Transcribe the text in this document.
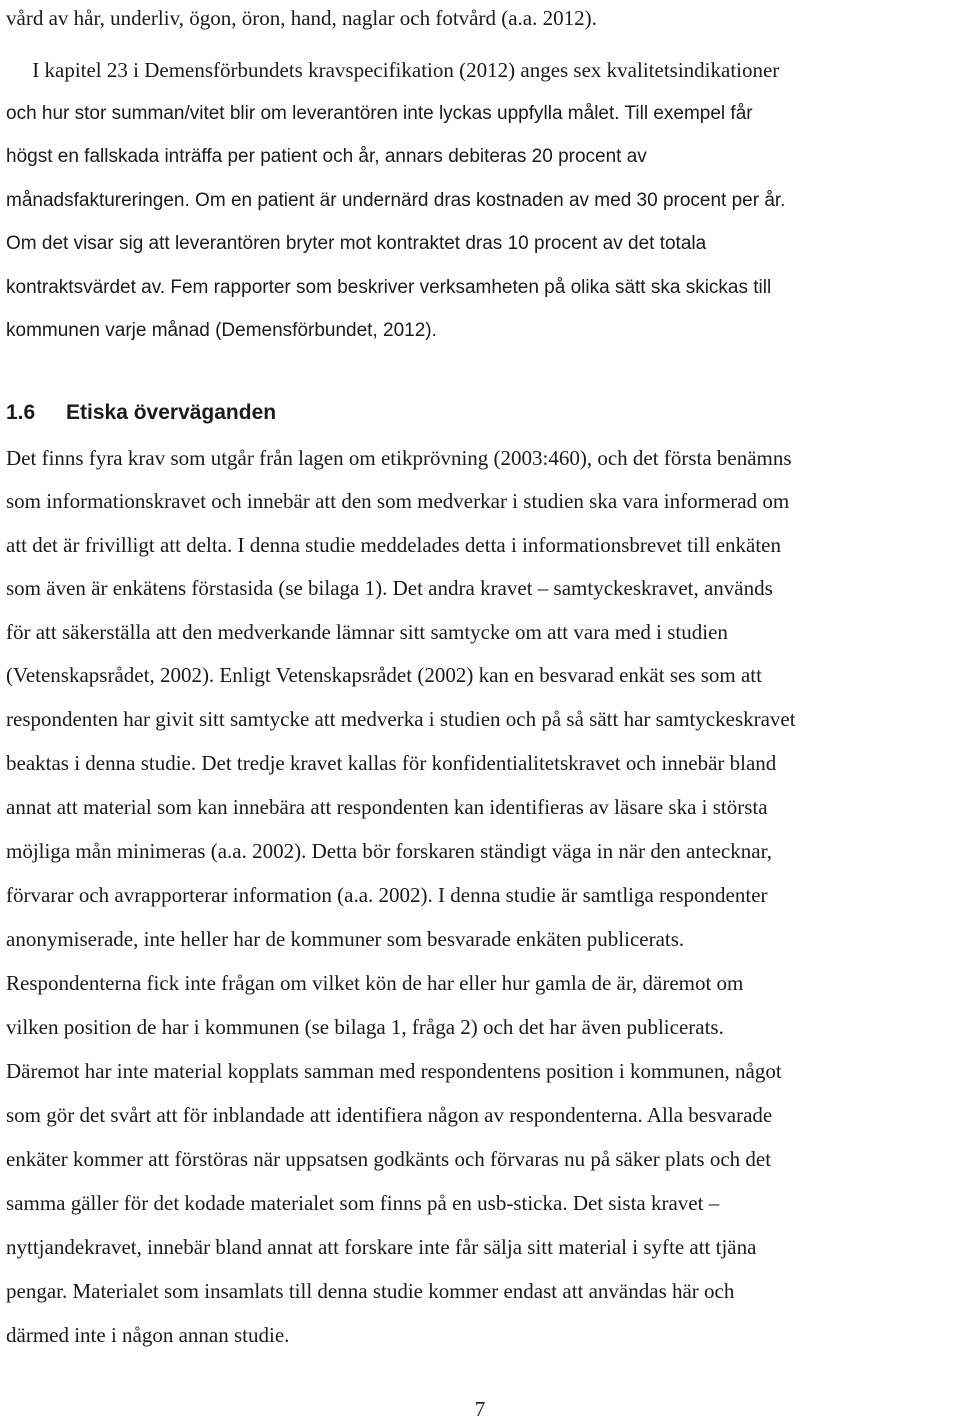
vård av hår, underliv, ögon, öron, hand, naglar och fotvård (a.a. 2012).
I kapitel 23 i Demensförbundets kravspecifikation (2012) anges sex kvalitetsindikationer
och hur stor summan/vitet blir om leverantören inte lyckas uppfylla målet. Till exempel får
högst en fallskada inträffa per patient och år, annars debiteras 20 procent av
månadsfaktureringen. Om en patient är undernärd dras kostnaden av med 30 procent per år.
Om det visar sig att leverantören bryter mot kontraktet dras 10 procent av det totala
kontraktsvärdet av. Fem rapporter som beskriver verksamheten på olika sätt ska skickas till
kommunen varje månad (Demensförbundet, 2012).
1.6 Etiska överväganden
Det finns fyra krav som utgår från lagen om etikprövning (2003:460), och det första benämns
som informationskravet och innebär att den som medverkar i studien ska vara informerad om
att det är frivilligt att delta. I denna studie meddelades detta i informationsbrevet till enkäten
som även är enkätens förstasida (se bilaga 1). Det andra kravet – samtyckeskravet, används
för att säkerställa att den medverkande lämnar sitt samtycke om att vara med i studien
(Vetenskapsrådet, 2002). Enligt Vetenskapsrådet (2002) kan en besvarad enkät ses som att
respondenten har givit sitt samtycke att medverka i studien och på så sätt har samtyckeskravet
beaktas i denna studie. Det tredje kravet kallas för konfidentialitetskravet och innebär bland
annat att material som kan innebära att respondenten kan identifieras av läsare ska i största
möjliga mån minimeras (a.a. 2002). Detta bör forskaren ständigt väga in när den antecknar,
förvarar och avrapporterar information (a.a. 2002). I denna studie är samtliga respondenter
anonymiserade, inte heller har de kommuner som besvarade enkäten publicerats.
Respondenterna fick inte frågan om vilket kön de har eller hur gamla de är, däremot om
vilken position de har i kommunen (se bilaga 1, fråga 2) och det har även publicerats.
Däremot har inte material kopplats samman med respondentens position i kommunen, något
som gör det svårt att för inblandade att identifiera någon av respondenterna. Alla besvarade
enkäter kommer att förstöras när uppsatsen godkänts och förvaras nu på säker plats och det
samma gäller för det kodade materialet som finns på en usb-sticka. Det sista kravet –
nyttjandekravet, innebär bland annat att forskare inte får sälja sitt material i syfte att tjäna
pengar. Materialet som insamlats till denna studie kommer endast att användas här och
därmed inte i någon annan studie.
7
